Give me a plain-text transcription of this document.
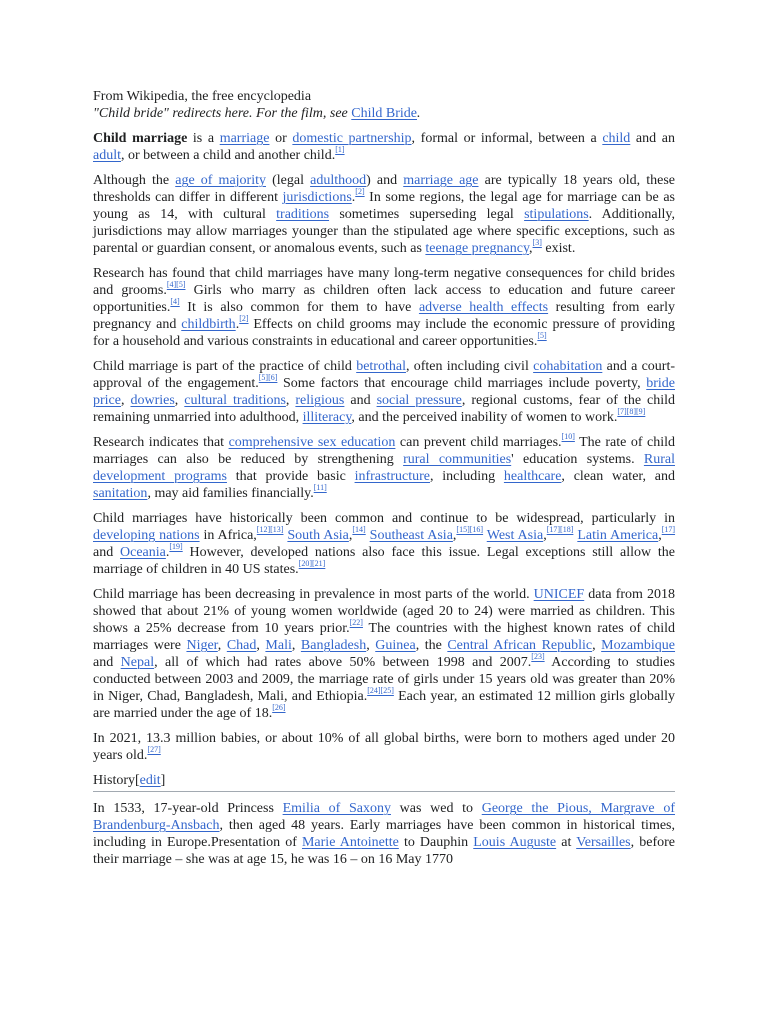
From Wikipedia, the free encyclopedia
"Child bride" redirects here. For the film, see Child Bride.

Child marriage is a marriage or domestic partnership, formal or informal, between a child and an adult, or between a child and another child.[1]

Although the age of majority (legal adulthood) and marriage age are typically 18 years old, these thresholds can differ in different jurisdictions.[2] In some regions, the legal age for marriage can be as young as 14, with cultural traditions sometimes superseding legal stipulations. Additionally, jurisdictions may allow marriages younger than the stipulated age where specific exceptions, such as parental or guardian consent, or anomalous events, such as teenage pregnancy,[3] exist.

Research has found that child marriages have many long-term negative consequences for child brides and grooms.[4][5] Girls who marry as children often lack access to education and future career opportunities.[4] It is also common for them to have adverse health effects resulting from early pregnancy and childbirth.[2] Effects on child grooms may include the economic pressure of providing for a household and various constraints in educational and career opportunities.[5]

Child marriage is part of the practice of child betrothal, often including civil cohabitation and a court-approval of the engagement.[5][6] Some factors that encourage child marriages include poverty, bride price, dowries, cultural traditions, religious and social pressure, regional customs, fear of the child remaining unmarried into adulthood, illiteracy, and the perceived inability of women to work.[7][8][9]

Research indicates that comprehensive sex education can prevent child marriages.[10] The rate of child marriages can also be reduced by strengthening rural communities' education systems. Rural development programs that provide basic infrastructure, including healthcare, clean water, and sanitation, may aid families financially.[11]

Child marriages have historically been common and continue to be widespread, particularly in developing nations in Africa,[12][13] South Asia,[14] Southeast Asia,[15][16] West Asia,[17][18] Latin America,[17] and Oceania.[19] However, developed nations also face this issue. Legal exceptions still allow the marriage of children in 40 US states.[20][21]

Child marriage has been decreasing in prevalence in most parts of the world. UNICEF data from 2018 showed that about 21% of young women worldwide (aged 20 to 24) were married as children. This shows a 25% decrease from 10 years prior.[22] The countries with the highest known rates of child marriages were Niger, Chad, Mali, Bangladesh, Guinea, the Central African Republic, Mozambique and Nepal, all of which had rates above 50% between 1998 and 2007.[23] According to studies conducted between 2003 and 2009, the marriage rate of girls under 15 years old was greater than 20% in Niger, Chad, Bangladesh, Mali, and Ethiopia.[24][25] Each year, an estimated 12 million girls globally are married under the age of 18.[26]

In 2021, 13.3 million babies, or about 10% of all global births, were born to mothers aged under 20 years old.[27]

History[edit]

In 1533, 17-year-old Princess Emilia of Saxony was wed to George the Pious, Margrave of Brandenburg-Ansbach, then aged 48 years. Early marriages have been common in historical times, including in Europe.Presentation of Marie Antoinette to Dauphin Louis Auguste at Versailles, before their marriage – she was at age 15, he was 16 – on 16 May 1770
